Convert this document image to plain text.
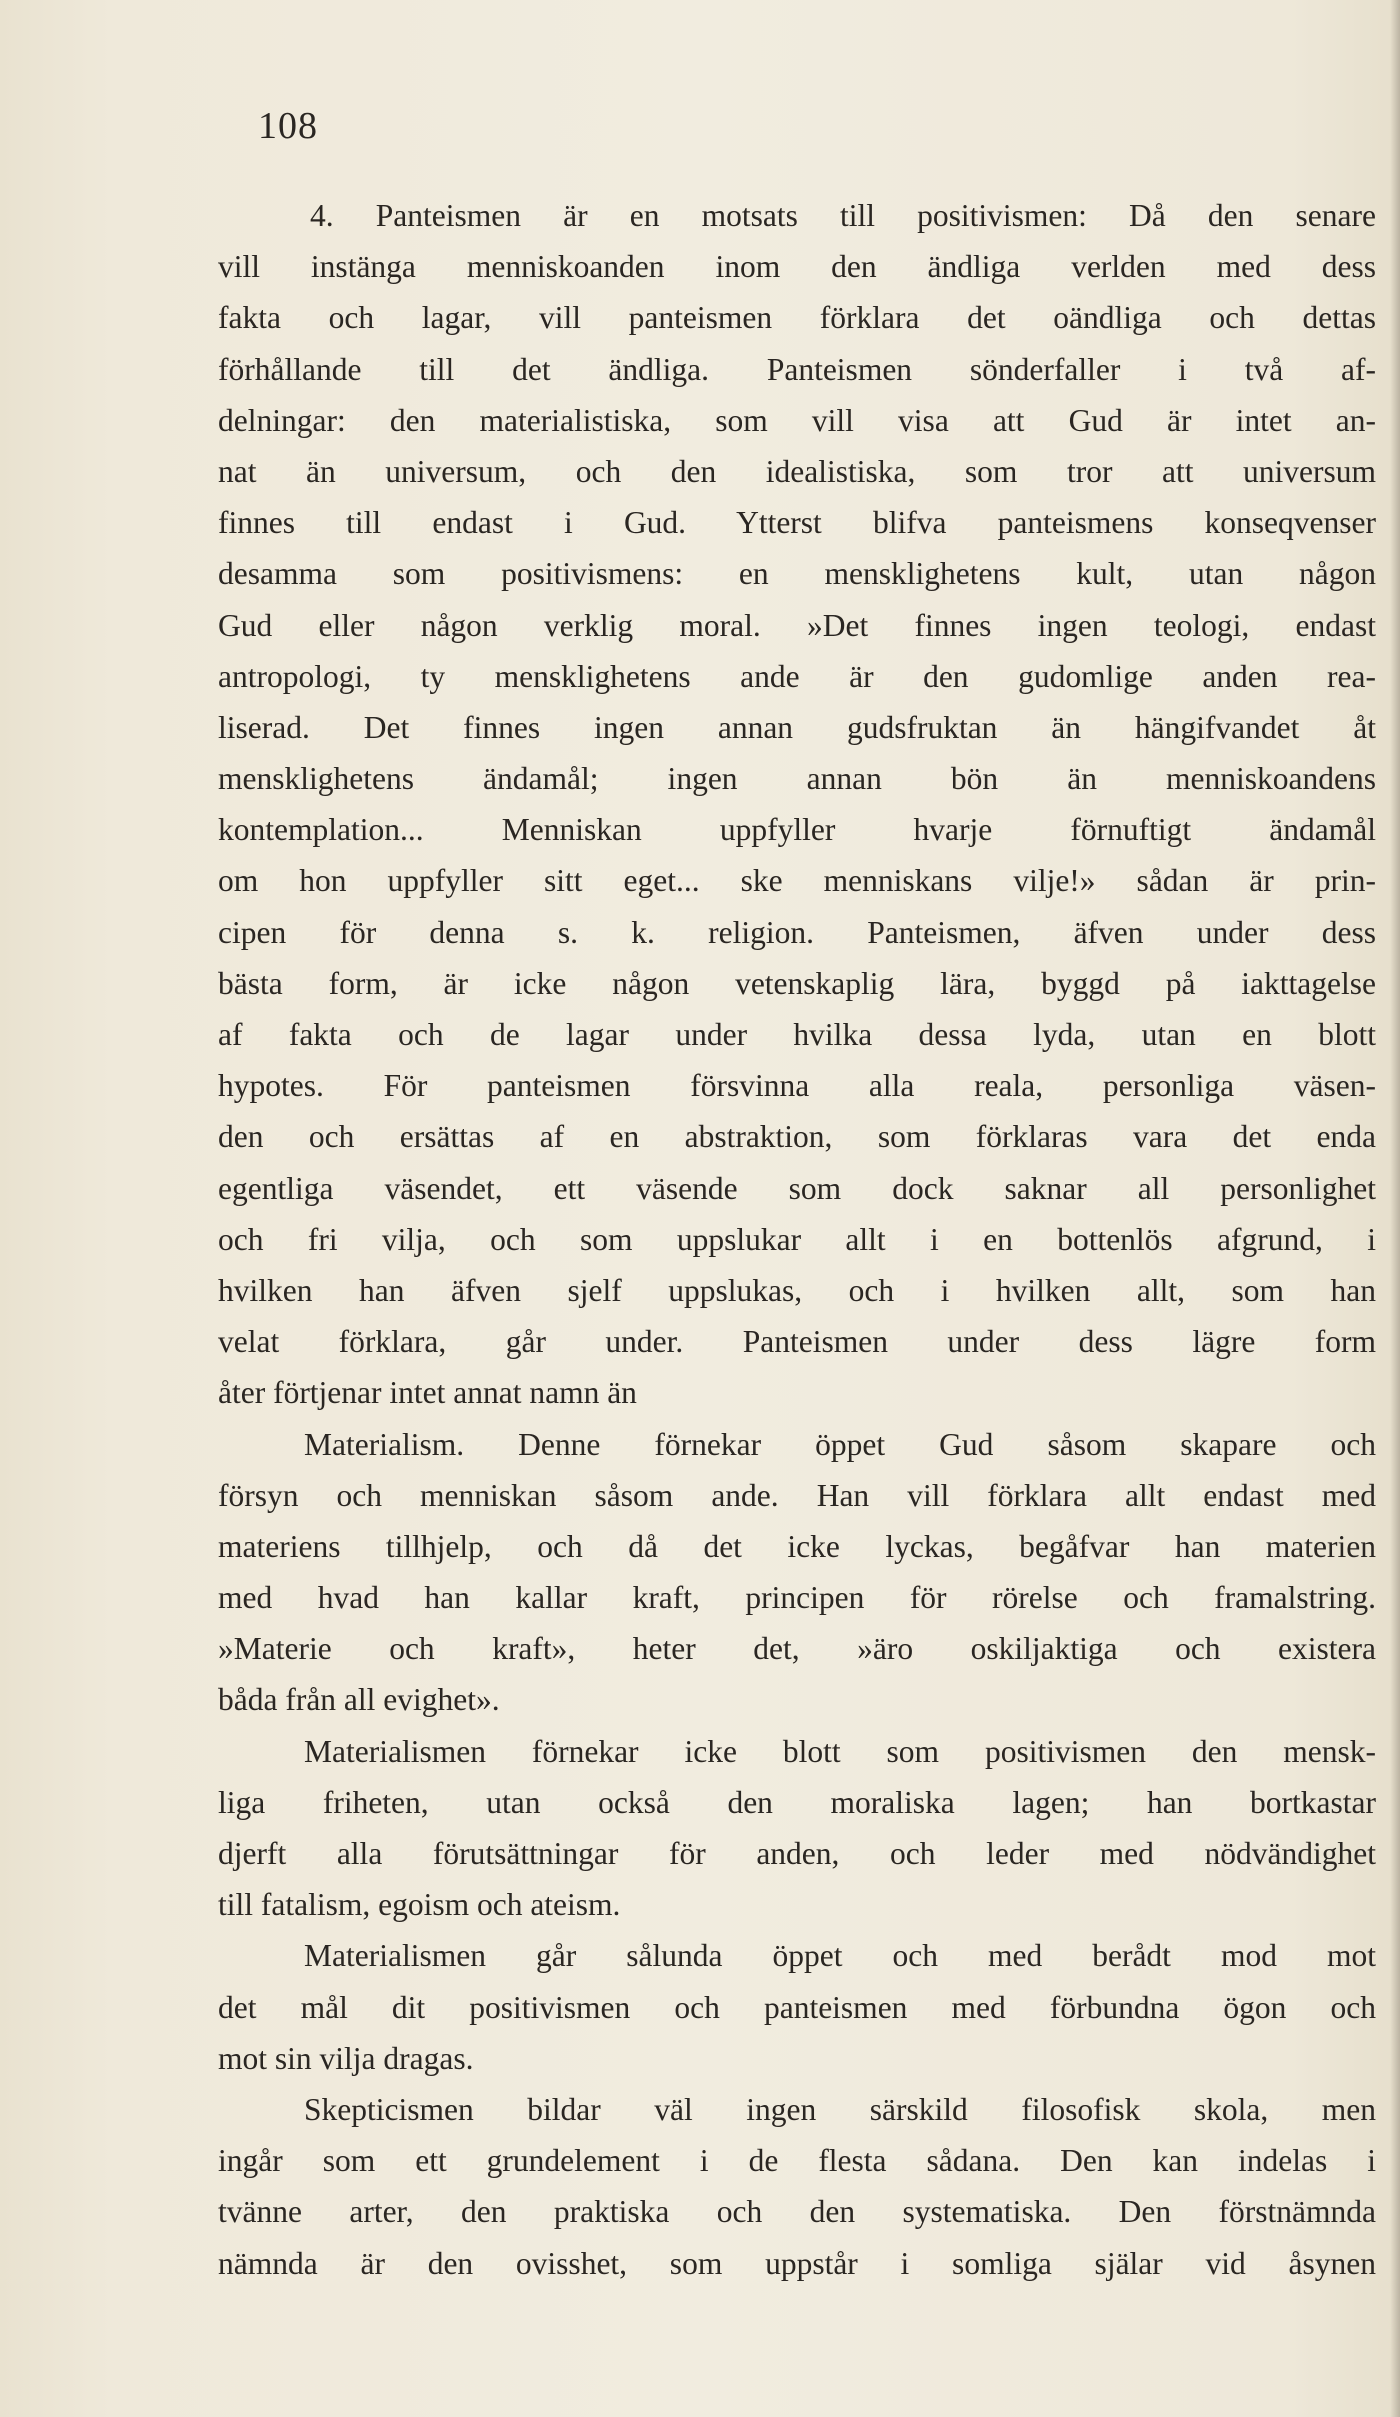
108
4. Panteismen är en motsats till positivismen: Då den senare
vill instänga menniskoanden inom den ändliga verlden med dess
fakta och lagar, vill panteismen förklara det oändliga och dettas
förhållande till det ändliga. Panteismen sönderfaller i två af-
delningar: den materialistiska, som vill visa att Gud är intet an-
nat än universum, och den idealistiska, som tror att universum
finnes till endast i Gud. Ytterst blifva panteismens konseqvenser
desamma som positivismens: en mensklighetens kult, utan någon
Gud eller någon verklig moral. »Det finnes ingen teologi, endast
antropologi, ty mensklighetens ande är den gudomlige anden rea-
liserad. Det finnes ingen annan gudsfruktan än hängifvandet åt
mensklighetens ändamål; ingen annan bön än menniskoandens
kontemplation... Menniskan uppfyller hvarje förnuftigt ändamål
om hon uppfyller sitt eget... ske menniskans vilje!» sådan är prin-
cipen för denna s. k. religion. Panteismen, äfven under dess
bästa form, är icke någon vetenskaplig lära, byggd på iakttagelse
af fakta och de lagar under hvilka dessa lyda, utan en blott
hypotes. För panteismen försvinna alla reala, personliga väsen-
den och ersättas af en abstraktion, som förklaras vara det enda
egentliga väsendet, ett väsende som dock saknar all personlighet
och fri vilja, och som uppslukar allt i en bottenlös afgrund, i
hvilken han äfven sjelf uppslukas, och i hvilken allt, som han
velat förklara, går under. Panteismen under dess lägre form
åter förtjenar intet annat namn än
Materialism. Denne förnekar öppet Gud såsom skapare och
försyn och menniskan såsom ande. Han vill förklara allt endast med
materiens tillhjelp, och då det icke lyckas, begåfvar han materien
med hvad han kallar kraft, principen för rörelse och framalstring.
»Materie och kraft», heter det, »äro oskiljaktiga och existera
båda från all evighet».
Materialismen förnekar icke blott som positivismen den mensk-
liga friheten, utan också den moraliska lagen; han bortkastar
djerft alla förutsättningar för anden, och leder med nödvändighet
till fatalism, egoism och ateism.
Materialismen går sålunda öppet och med berådt mod mot
det mål dit positivismen och panteismen med förbundna ögon och
mot sin vilja dragas.
Skepticismen bildar väl ingen särskild filosofisk skola, men
ingår som ett grundelement i de flesta sådana. Den kan indelas i
tvänne arter, den praktiska och den systematiska. Den förstnämnda
nämnda är den ovisshet, som uppstår i somliga själar vid åsynen
